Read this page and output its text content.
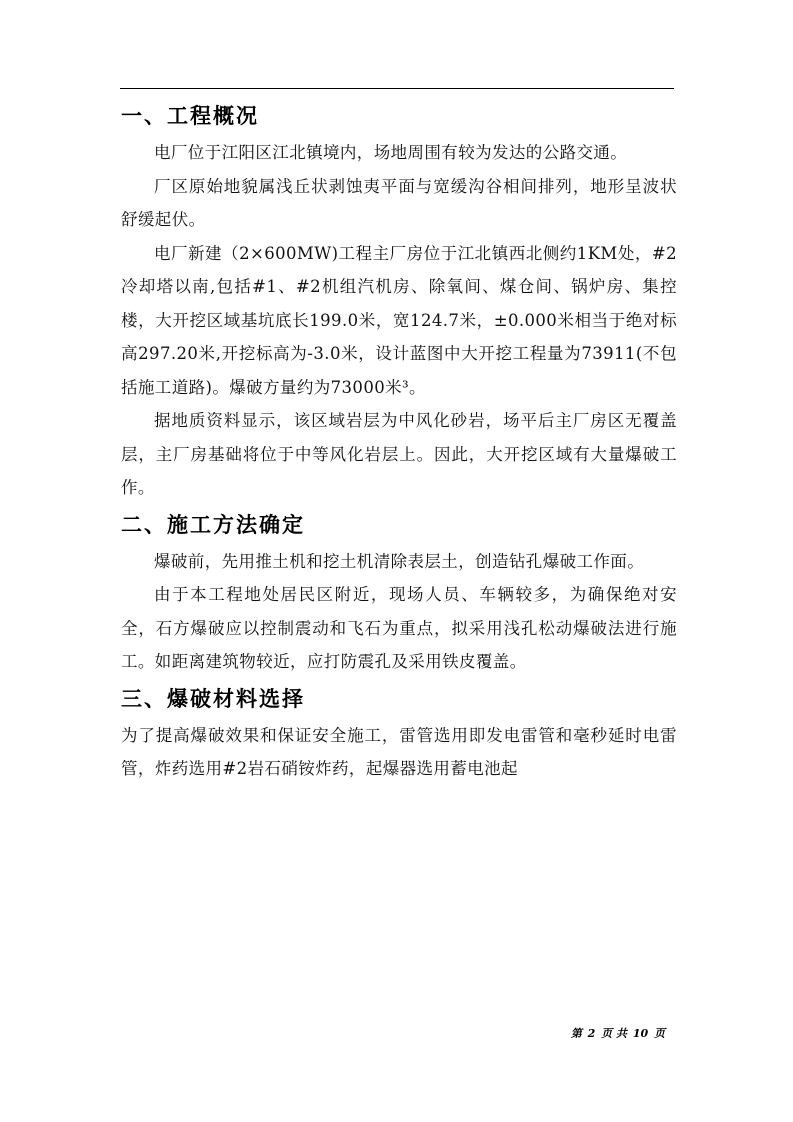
一、工程概况

电厂位于江阳区江北镇境内，场地周围有较为发达的公路交通。

厂区原始地貌属浅丘状剥蚀夷平面与宽缓沟谷相间排列，地形呈波状舒缓起伏。

电厂新建（2×600MW)工程主厂房位于江北镇西北侧约1KM处，#2冷却塔以南,包括#1、#2机组汽机房、除氧间、煤仓间、锅炉房、集控楼，大开挖区域基坑底长199.0米，宽124.7米，±0.000米相当于绝对标高297.20米,开挖标高为-3.0米，设计蓝图中大开挖工程量为73911(不包括施工道路)。爆破方量约为73000米³。

据地质资料显示，该区域岩层为中风化砂岩，场平后主厂房区无覆盖层，主厂房基础将位于中等风化岩层上。因此，大开挖区域有大量爆破工作。

二、施工方法确定

爆破前，先用推土机和挖土机清除表层土，创造钻孔爆破工作面。

由于本工程地处居民区附近，现场人员、车辆较多，为确保绝对安全，石方爆破应以控制震动和飞石为重点，拟采用浅孔松动爆破法进行施工。如距离建筑物较近，应打防震孔及采用铁皮覆盖。

三、爆破材料选择

为了提高爆破效果和保证安全施工，雷管选用即发电雷管和毫秒延时电雷管，炸药选用#2岩石硝铵炸药，起爆器选用蓄电池起

第 2 页 共 10 页
